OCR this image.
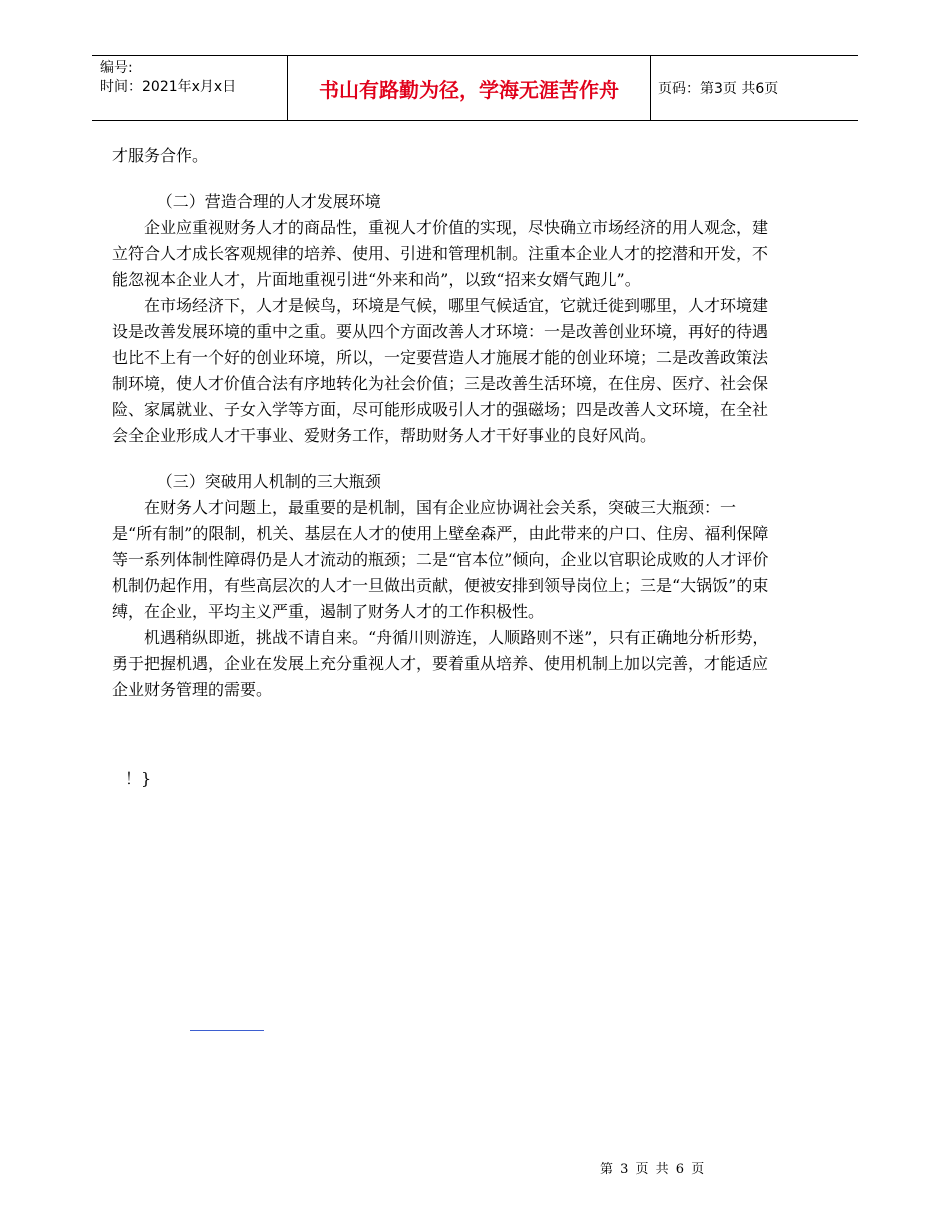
编号:
时间：2021年x月x日	书山有路勤为径，学海无涯苦作舟	页码：第3页 共6页

才服务合作。

（二）营造合理的人才发展环境

企业应重视财务人才的商品性，重视人才价值的实现，尽快确立市场经济的用人观念，建立符合人才成长客观规律的培养、使用、引进和管理机制。注重本企业人才的挖潜和开发，不能忽视本企业人才，片面地重视引进“外来和尚”，以致“招来女婿气跑儿”。

在市场经济下，人才是候鸟，环境是气候，哪里气候适宜，它就迁徙到哪里，人才环境建设是改善发展环境的重中之重。要从四个方面改善人才环境：一是改善创业环境，再好的待遇也比不上有一个好的创业环境，所以，一定要营造人才施展才能的创业环境；二是改善政策法制环境，使人才价值合法有序地转化为社会价值；三是改善生活环境，在住房、医疗、社会保险、家属就业、子女入学等方面，尽可能形成吸引人才的强磁场；四是改善人文环境，在全社会全企业形成人才干事业、爱财务工作，帮助财务人才干好事业的良好风尚。

（三）突破用人机制的三大瓶颈

在财务人才问题上，最重要的是机制，国有企业应协调社会关系，突破三大瓶颈：一是“所有制”的限制，机关、基层在人才的使用上壁垒森严，由此带来的户口、住房、福利保障等一系列体制性障碍仍是人才流动的瓶颈；二是“官本位”倾向，企业以官职论成败的人才评价机制仍起作用，有些高层次的人才一旦做出贡献，便被安排到领导岗位上；三是“大锅饭”的束缚，在企业，平均主义严重，遏制了财务人才的工作积极性。

机遇稍纵即逝，挑战不请自来。“舟循川则游连，人顺路则不迷”，只有正确地分析形势，勇于把握机遇，企业在发展上充分重视人才，要着重从培养、使用机制上加以完善，才能适应企业财务管理的需要。

！}
第 3 页 共 6 页
